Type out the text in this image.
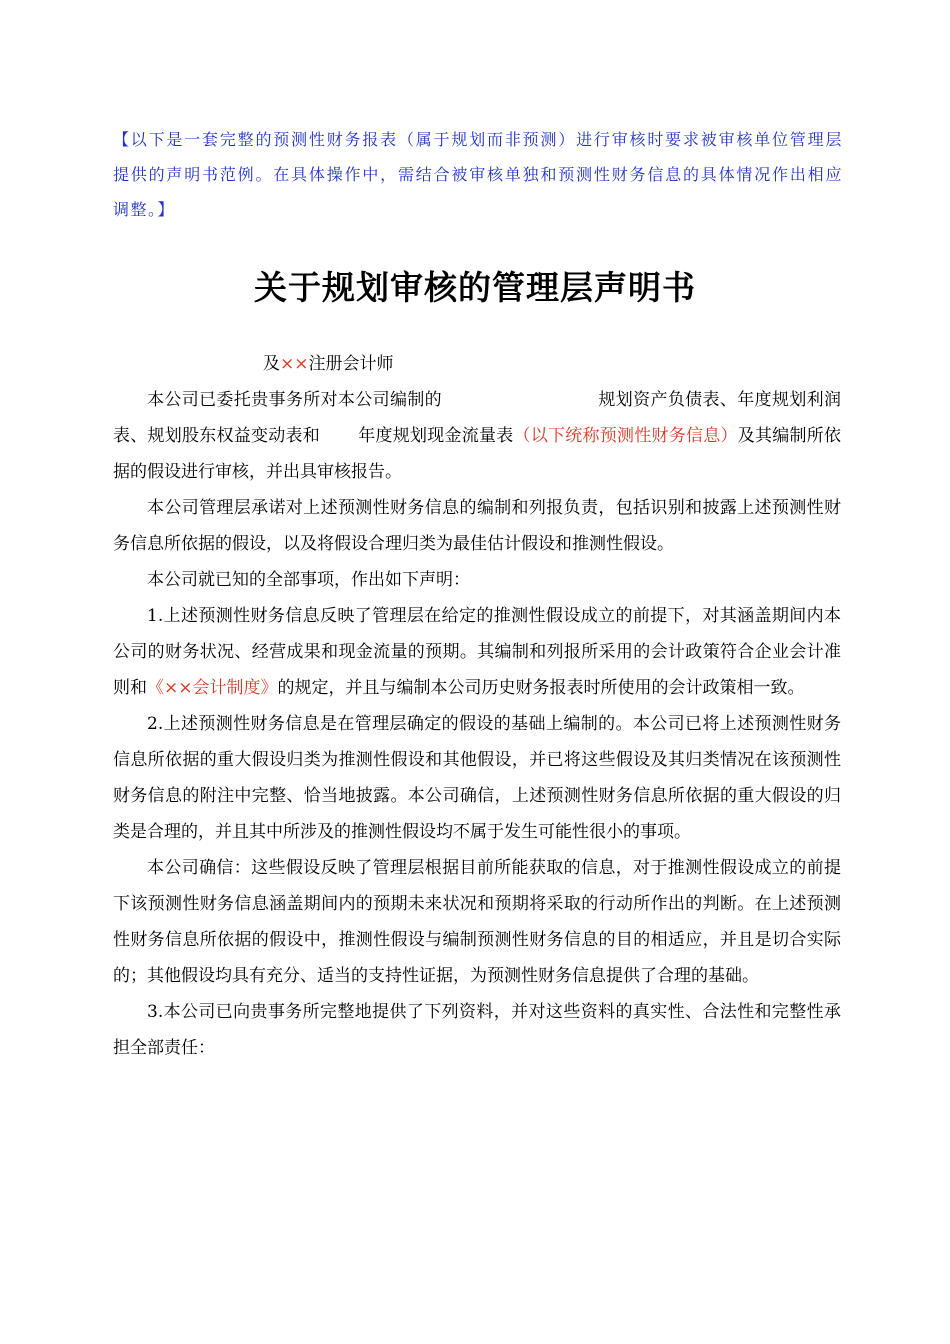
【以下是一套完整的预测性财务报表（属于规划而非预测）进行审核时要求被审核单位管理层提供的声明书范例。在具体操作中，需结合被审核单独和预测性财务信息的具体情况作出相应调整。】
关于规划审核的管理层声明书
及××注册会计师

本公司已委托贵事务所对本公司编制的	规划资产负债表、年度规划利润表、规划股东权益变动表和 年度规划现金流量表（以下统称预测性财务信息）及其编制所依据的假设进行审核，并出具审核报告。

本公司管理层承诺对上述预测性财务信息的编制和列报负责，包括识别和披露上述预测性财务信息所依据的假设，以及将假设合理归类为最佳估计假设和推测性假设。

本公司就已知的全部事项，作出如下声明：

1.上述预测性财务信息反映了管理层在给定的推测性假设成立的前提下，对其涵盖期间内本公司的财务状况、经营成果和现金流量的预期。其编制和列报所采用的会计政策符合企业会计准则和《××会计制度》的规定，并且与编制本公司历史财务报表时所使用的会计政策相一致。

2.上述预测性财务信息是在管理层确定的假设的基础上编制的。本公司已将上述预测性财务信息所依据的重大假设归类为推测性假设和其他假设，并已将这些假设及其归类情况在该预测性财务信息的附注中完整、恰当地披露。本公司确信，上述预测性财务信息所依据的重大假设的归类是合理的，并且其中所涉及的推测性假设均不属于发生可能性很小的事项。

本公司确信：这些假设反映了管理层根据目前所能获取的信息，对于推测性假设成立的前提下该预测性财务信息涵盖期间内的预期未来状况和预期将采取的行动所作出的判断。在上述预测性财务信息所依据的假设中，推测性假设与编制预测性财务信息的目的相适应，并且是切合实际的；其他假设均具有充分、适当的支持性证据，为预测性财务信息提供了合理的基础。

3.本公司已向贵事务所完整地提供了下列资料，并对这些资料的真实性、合法性和完整性承担全部责任：
